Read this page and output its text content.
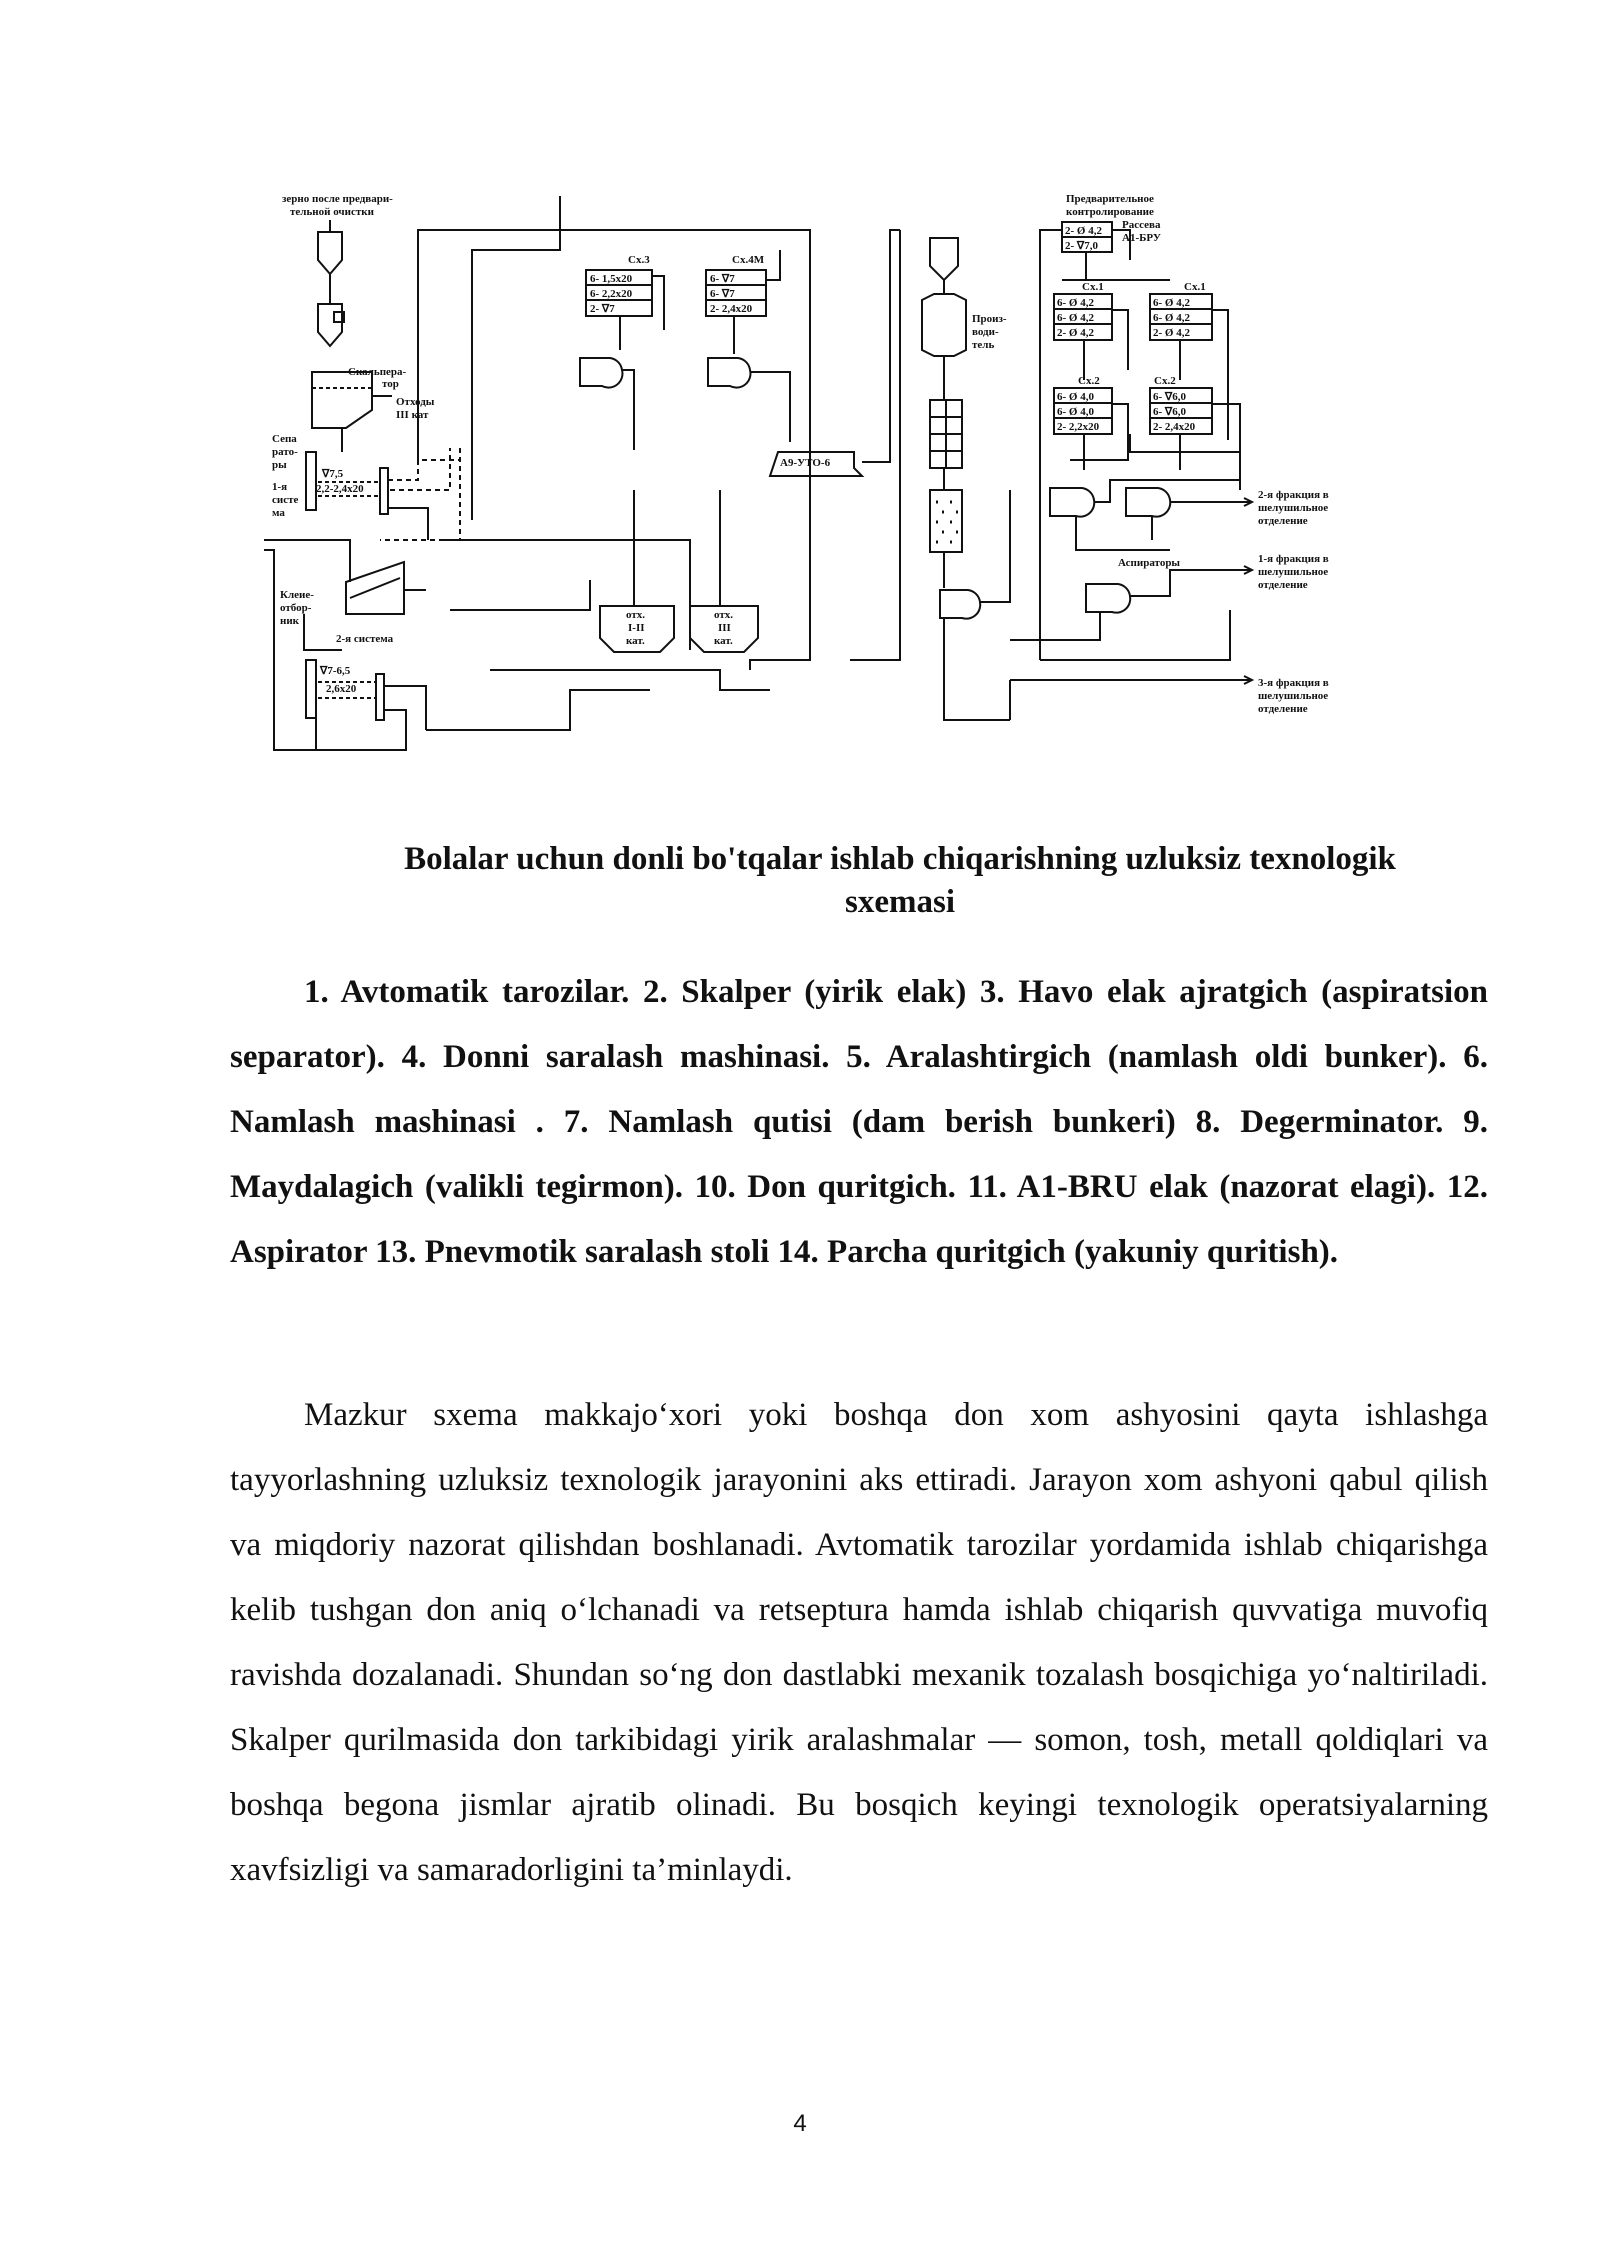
зерно после предвари-
тельной очистки
Скальпера-
тор
Отходы
III кат
Сепа
рато-
ры
1-я
систе
ма
∇7,5
2,2-2,4x20
Клеие-
отбор-
ник
2-я система
∇7-6,5
2,6x20
Сх.3
6- 1,5x20
6- 2,2x20
2- ∇7
Сх.4М
6- ∇7
6- ∇7
2- 2,4x20
А9-УТО-6
отх.
I-II
кат.
отх.
III
кат.
Произ-
води-
тель
Предварительное
контролирование
Рассева
А1-БРУ
2- Ø 4,2
2- ∇7,0
Сх.1
6- Ø 4,2
6- Ø 4,2
2- Ø 4,2
Сх.1
6- Ø 4,2
6- Ø 4,2
2- Ø 4,2
Сх.2
6- Ø 4,0
6- Ø 4,0
2- 2,2x20
Сх.2
6- ∇6,0
6- ∇6,0
2- 2,4x20
2-я фракция в
шелушильное
отделение
Аспираторы	1-я фракция в
шелушильное
отделение
3-я фракция в
шелушильное
отделение
Bolalar uchun donli bo'tqalar ishlab chiqarishning uzluksiz texnologik
sxemasi

1. Avtomatik tarozilar. 2. Skalper (yirik elak) 3. Havo elak ajratgich (aspiratsion separator). 4. Donni saralash mashinasi. 5. Aralashtirgich (namlash oldi bunker). 6. Namlash mashinasi . 7. Namlash qutisi (dam berish bunkeri) 8. Degerminator. 9. Maydalagich (valikli tegirmon). 10. Don quritgich. 11. A1-BRU elak (nazorat elagi). 12. Aspirator 13. Pnevmotik saralash stoli 14. Parcha quritgich (yakuniy quritish).

Mazkur sxema makkajo‘xori yoki boshqa don xom ashyosini qayta ishlashga tayyorlashning uzluksiz texnologik jarayonini aks ettiradi. Jarayon xom ashyoni qabul qilish va miqdoriy nazorat qilishdan boshlanadi. Avtomatik tarozilar yordamida ishlab chiqarishga kelib tushgan don aniq o‘lchanadi va retseptura hamda ishlab chiqarish quvvatiga muvofiq ravishda dozalanadi. Shundan so‘ng don dastlabki mexanik tozalash bosqichiga yo‘naltiriladi. Skalper qurilmasida don tarkibidagi yirik aralashmalar — somon, tosh, metall qoldiqlari va boshqa begona jismlar ajratib olinadi. Bu bosqich keyingi texnologik operatsiyalarning xavfsizligi va samaradorligini ta’minlaydi.

4
